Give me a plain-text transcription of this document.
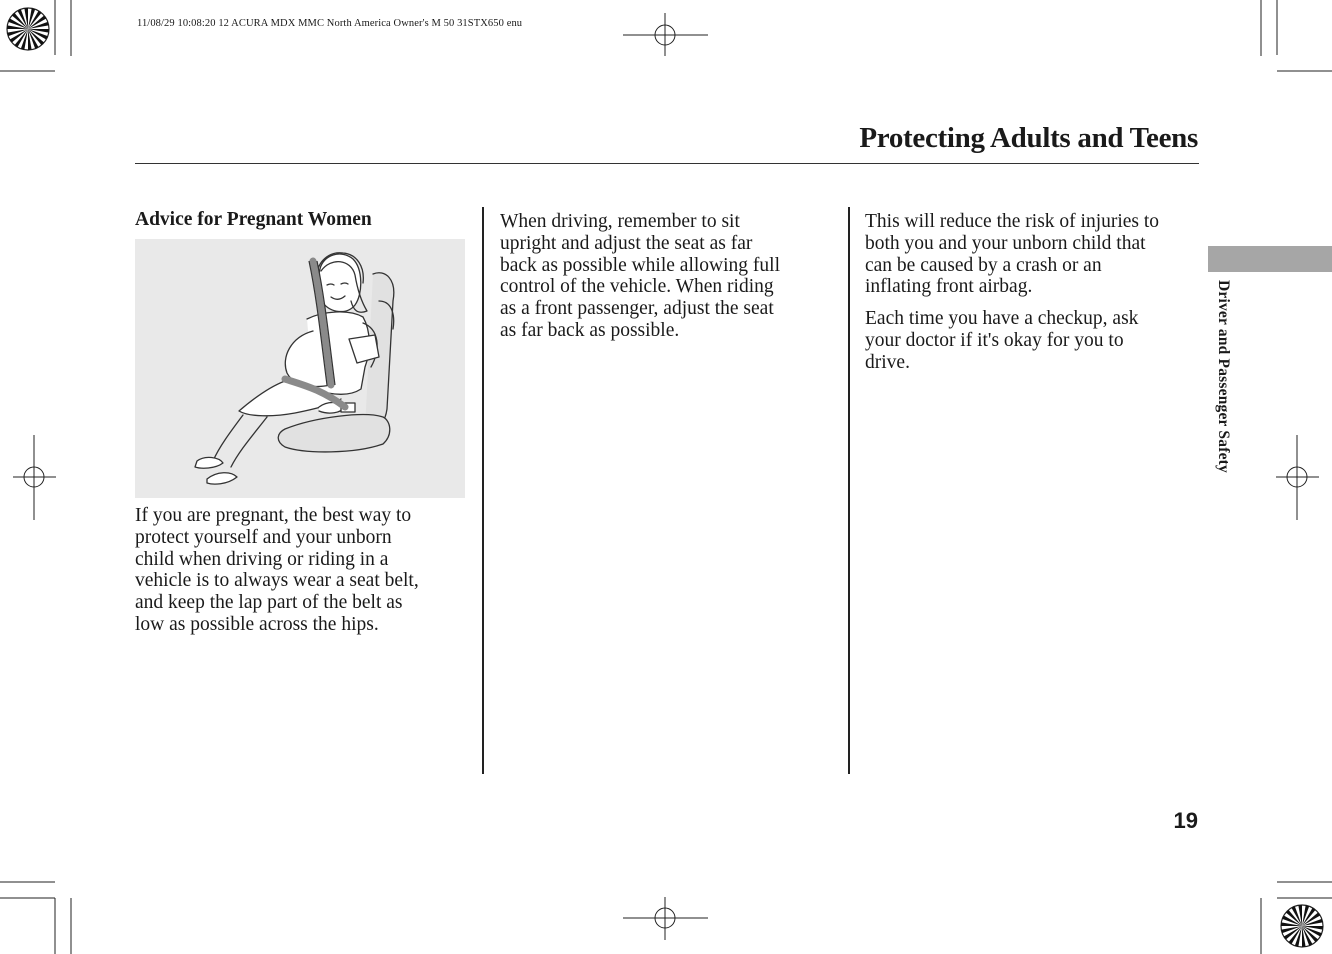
11/08/29 10:08:20 12 ACURA MDX MMC North America Owner's M 50 31STX650 enu
Protecting Adults and Teens
Advice for Pregnant Women
If you are pregnant, the best way to
protect yourself and your unborn
child when driving or riding in a
vehicle is to always wear a seat belt,
and keep the lap part of the belt as
low as possible across the hips.
When driving, remember to sit
upright and adjust the seat as far
back as possible while allowing full
control of the vehicle. When riding
as a front passenger, adjust the seat
as far back as possible.
This will reduce the risk of injuries to
both you and your unborn child that
can be caused by a crash or an
inflating front airbag.
Each time you have a checkup, ask
your doctor if it's okay for you to
drive.	Driver and Passenger Safety
19
